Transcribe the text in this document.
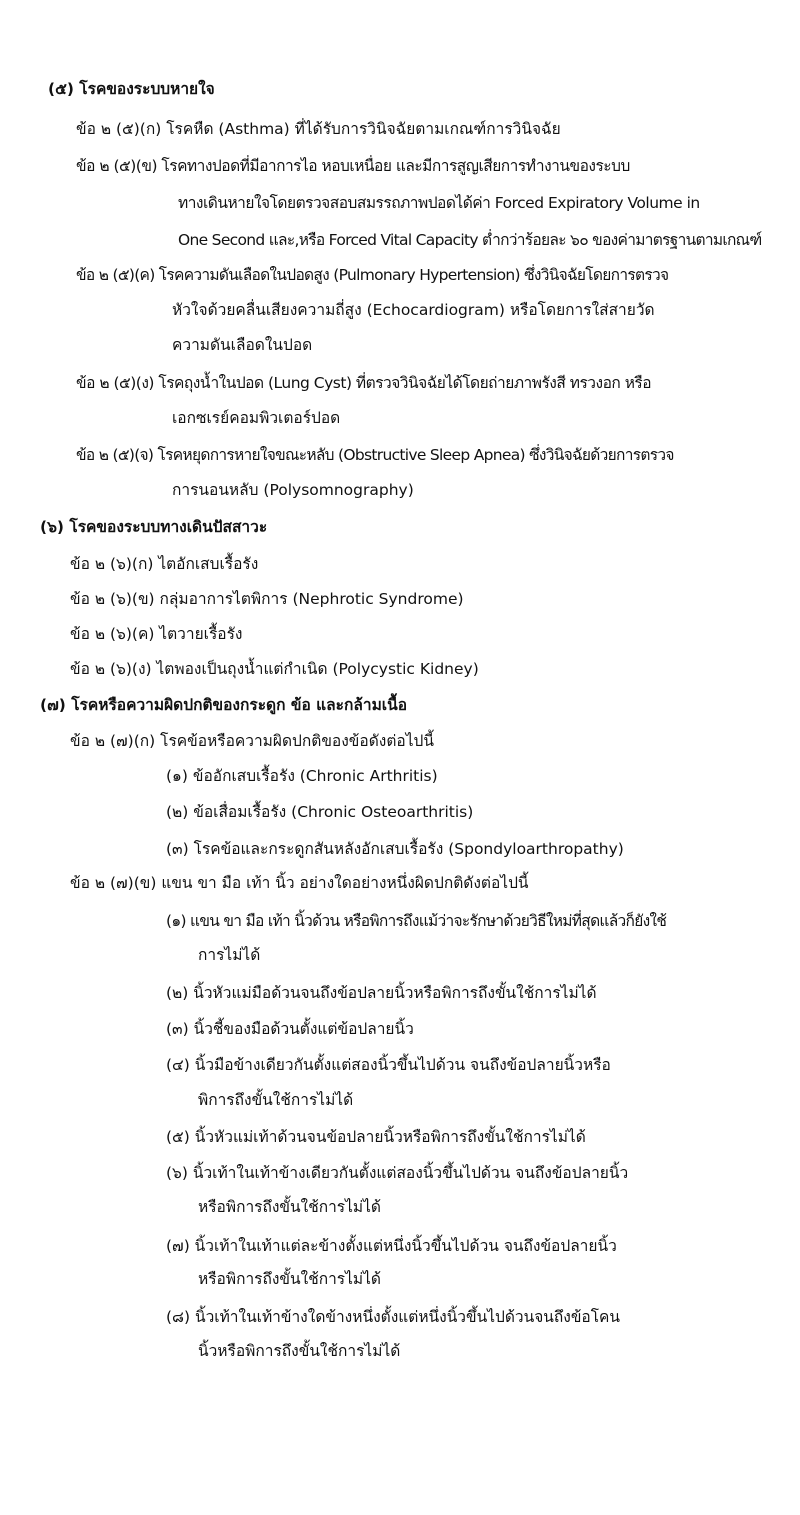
(๕) โรคของระบบหายใจ
ข้อ ๒ (๕)(ก) โรคหืด (Asthma) ที่ได้รับการวินิจฉัยตามเกณฑ์การวินิจฉัย
ข้อ ๒ (๕)(ข) โรคทางปอดที่มีอาการไอ หอบเหนื่อย และมีการสูญเสียการทำงานของระบบ
ทางเดินหายใจโดยตรวจสอบสมรรถภาพปอดได้ค่า Forced Expiratory Volume in
One Second และ,หรือ Forced Vital Capacity ต่ำกว่าร้อยละ ๖๐ ของค่ามาตรฐานตามเกณฑ์
ข้อ ๒ (๕)(ค) โรคความดันเลือดในปอดสูง (Pulmonary Hypertension) ซึ่งวินิจฉัยโดยการตรวจ
หัวใจด้วยคลื่นเสียงความถี่สูง (Echocardiogram) หรือโดยการใส่สายวัด
ความดันเลือดในปอด
ข้อ ๒ (๕)(ง) โรคถุงน้ำในปอด (Lung Cyst) ที่ตรวจวินิจฉัยได้โดยถ่ายภาพรังสี ทรวงอก หรือ
เอกซเรย์คอมพิวเตอร์ปอด
ข้อ ๒ (๕)(จ) โรคหยุดการหายใจขณะหลับ (Obstructive Sleep Apnea) ซึ่งวินิจฉัยด้วยการตรวจ
การนอนหลับ (Polysomnography)
(๖) โรคของระบบทางเดินปัสสาวะ
ข้อ ๒ (๖)(ก) ไตอักเสบเรื้อรัง
ข้อ ๒ (๖)(ข) กลุ่มอาการไตพิการ (Nephrotic Syndrome)
ข้อ ๒ (๖)(ค) ไตวายเรื้อรัง
ข้อ ๒ (๖)(ง) ไตพองเป็นถุงน้ำแต่กำเนิด (Polycystic Kidney)
(๗) โรคหรือความผิดปกติของกระดูก ข้อ และกล้ามเนื้อ
ข้อ ๒ (๗)(ก) โรคข้อหรือความผิดปกติของข้อดังต่อไปนี้
(๑) ข้ออักเสบเรื้อรัง (Chronic Arthritis)
(๒) ข้อเสื่อมเรื้อรัง (Chronic Osteoarthritis)
(๓) โรคข้อและกระดูกสันหลังอักเสบเรื้อรัง (Spondyloarthropathy)
ข้อ ๒ (๗)(ข) แขน ขา มือ เท้า นิ้ว อย่างใดอย่างหนึ่งผิดปกติดังต่อไปนี้
(๑) แขน ขา มือ เท้า นิ้วด้วน หรือพิการถึงแม้ว่าจะรักษาด้วยวิธีใหม่ที่สุดแล้วก็ยังใช้
การไม่ได้
(๒) นิ้วหัวแม่มือด้วนจนถึงข้อปลายนิ้วหรือพิการถึงขั้นใช้การไม่ได้
(๓) นิ้วชี้ของมือด้วนตั้งแต่ข้อปลายนิ้ว
(๔) นิ้วมือข้างเดียวกันตั้งแต่สองนิ้วขึ้นไปด้วน จนถึงข้อปลายนิ้วหรือ
พิการถึงขั้นใช้การไม่ได้
(๕) นิ้วหัวแม่เท้าด้วนจนข้อปลายนิ้วหรือพิการถึงขั้นใช้การไม่ได้
(๖) นิ้วเท้าในเท้าข้างเดียวกันตั้งแต่สองนิ้วขึ้นไปด้วน จนถึงข้อปลายนิ้ว
หรือพิการถึงขั้นใช้การไม่ได้
(๗) นิ้วเท้าในเท้าแต่ละข้างตั้งแต่หนึ่งนิ้วขึ้นไปด้วน จนถึงข้อปลายนิ้ว
หรือพิการถึงขั้นใช้การไม่ได้
(๘) นิ้วเท้าในเท้าข้างใดข้างหนึ่งตั้งแต่หนึ่งนิ้วขึ้นไปด้วนจนถึงข้อโคน
นิ้วหรือพิการถึงขั้นใช้การไม่ได้
